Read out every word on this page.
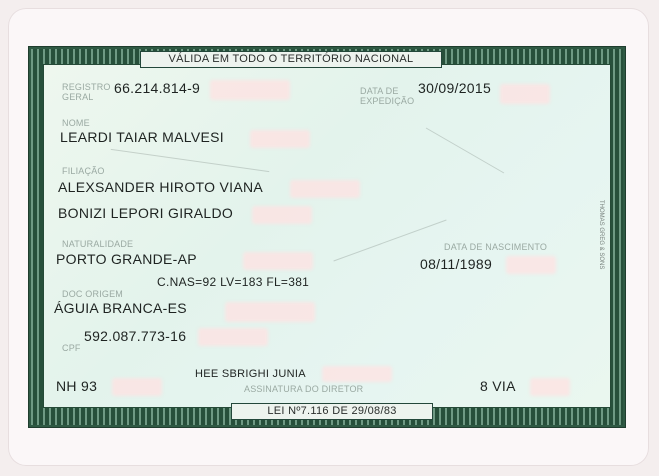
VÁLIDA EM TODO O TERRITÓRIO NACIONAL
REGISTRO
GERAL
66.214.814-9	DATA DE
EXPEDIÇÃO
30/09/2015
NOME
LEARDI TAIAR MALVESI
FILIAÇÃO
ALEXSANDER HIROTO VIANA
BONIZI LEPORI GIRALDO
NATURALIDADE
PORTO GRANDE-AP
DATA DE NASCIMENTO
08/11/1989
C.NAS=92 LV=183 FL=381
DOC ORIGEM
ÁGUIA BRANCA-ES
592.087.773-16
CPF
NH 93
HEE SBRIGHI JUNIA
ASSINATURA DO DIRETOR	8 VIA
LEI Nº7.116 DE 29/08/83
THOMAS GREG & SONS
